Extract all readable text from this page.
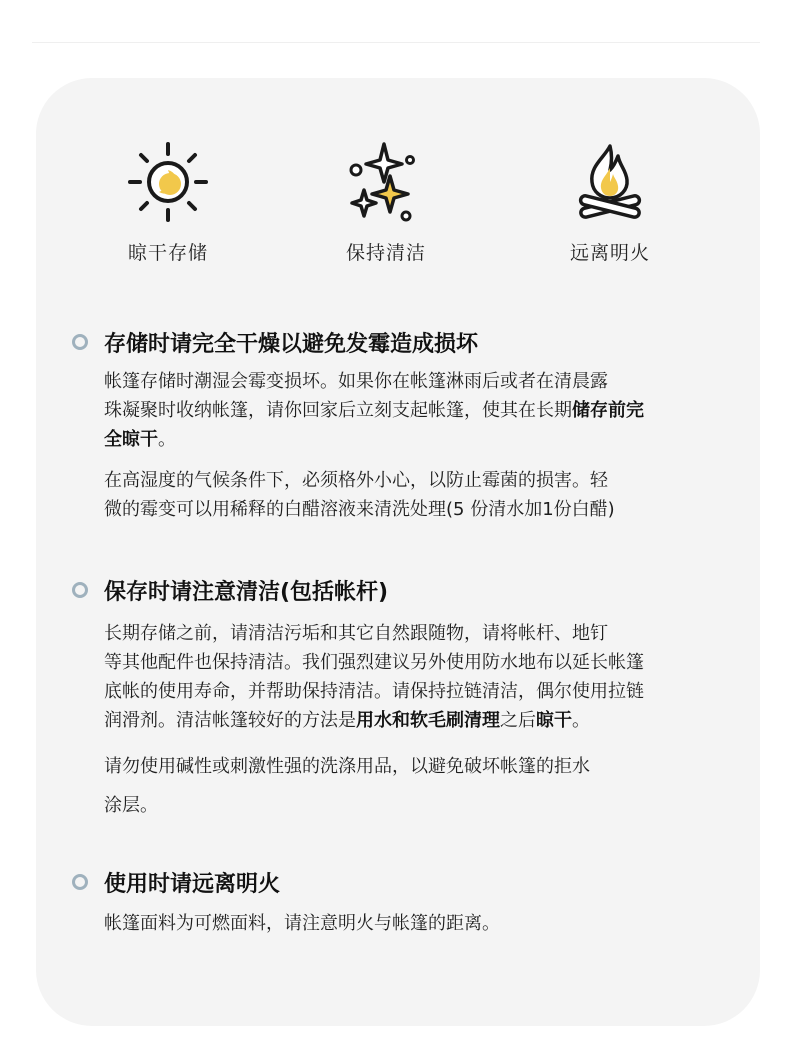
晾干存储	保持清洁	远离明火
存储时请完全干燥以避免发霉造成损坏

帐篷存储时潮湿会霉变损坏。如果你在帐篷淋雨后或者在清晨露
珠凝聚时收纳帐篷，请你回家后立刻支起帐篷，使其在长期储存前完
全晾干。

在高湿度的气候条件下，必须格外小心，以防止霉菌的损害。轻
微的霉变可以用稀释的白醋溶液来清洗处理(5 份清水加1份白醋)

保存时请注意清洁(包括帐杆)

长期存储之前，请清洁污垢和其它自然跟随物，请将帐杆、地钉
等其他配件也保持清洁。我们强烈建议另外使用防水地布以延长帐篷
底帐的使用寿命，并帮助保持清洁。请保持拉链清洁，偶尔使用拉链
润滑剂。清洁帐篷较好的方法是用水和软毛刷清理之后晾干。

请勿使用碱性或刺激性强的洗涤用品，以避免破坏帐篷的拒水
涂层。

使用时请远离明火

帐篷面料为可燃面料，请注意明火与帐篷的距离。
